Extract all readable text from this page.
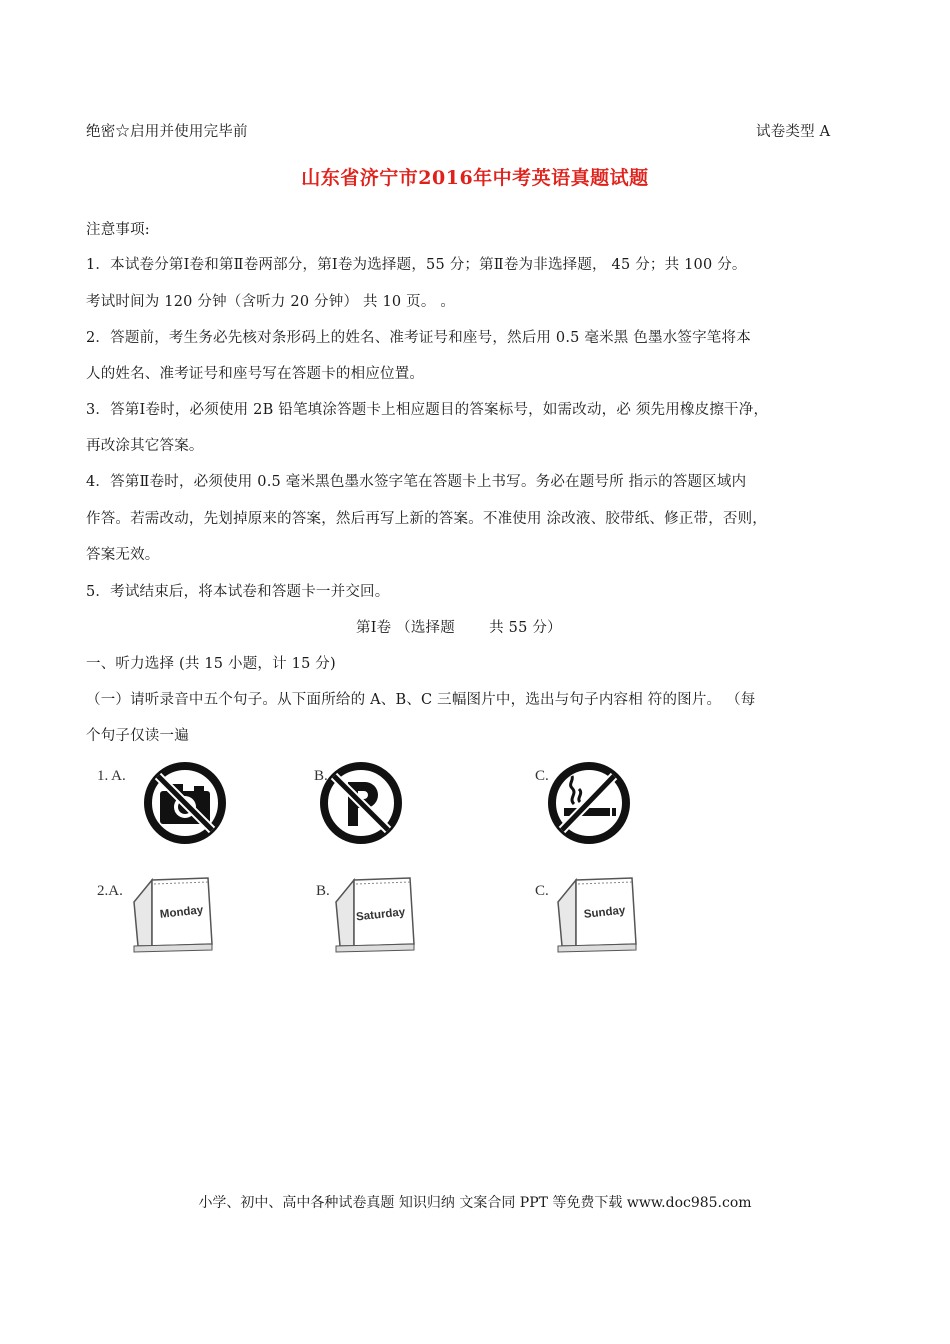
绝密☆启用并使用完毕前	试卷类型 A
山东省济宁市2016年中考英语真题试题
注意事项:
1．本试卷分第Ⅰ卷和第Ⅱ卷两部分，第Ⅰ卷为选择题，55 分；第Ⅱ卷为非选择题， 45 分；共 100 分。
考试时间为 120 分钟（含听力 20 分钟） 共 10 页。 。
2．答题前，考生务必先核对条形码上的姓名、准考证号和座号，然后用 0.5 毫米黑 色墨水签字笔将本
人的姓名、准考证号和座号写在答题卡的相应位置。
3．答第Ⅰ卷时，必须使用 2B 铅笔填涂答题卡上相应题目的答案标号，如需改动，必 须先用橡皮擦干净，
再改涂其它答案。
4．答第Ⅱ卷时，必须使用 0.5 毫米黑色墨水签字笔在答题卡上书写。务必在题号所 指示的答题区域内
作答。若需改动，先划掉原来的答案，然后再写上新的答案。不准使用 涂改液、胶带纸、修正带，否则，
答案无效。
5．考试结束后，将本试卷和答题卡一并交回。
第Ⅰ卷 （选择题　　 共 55 分）
一、听力选择 (共 15 小题，计 15 分)
（一）请听录音中五个句子。从下面所给的 A、B、C 三幅图片中，选出与句子内容相 符的图片。 （每
个句子仅读一遍
1. A.	B.	C.
2.A.
Monday
B.
Saturday
C.
Sunday
小学、初中、高中各种试卷真题 知识归纳 文案合同 PPT 等免费下载 www.doc985.com
